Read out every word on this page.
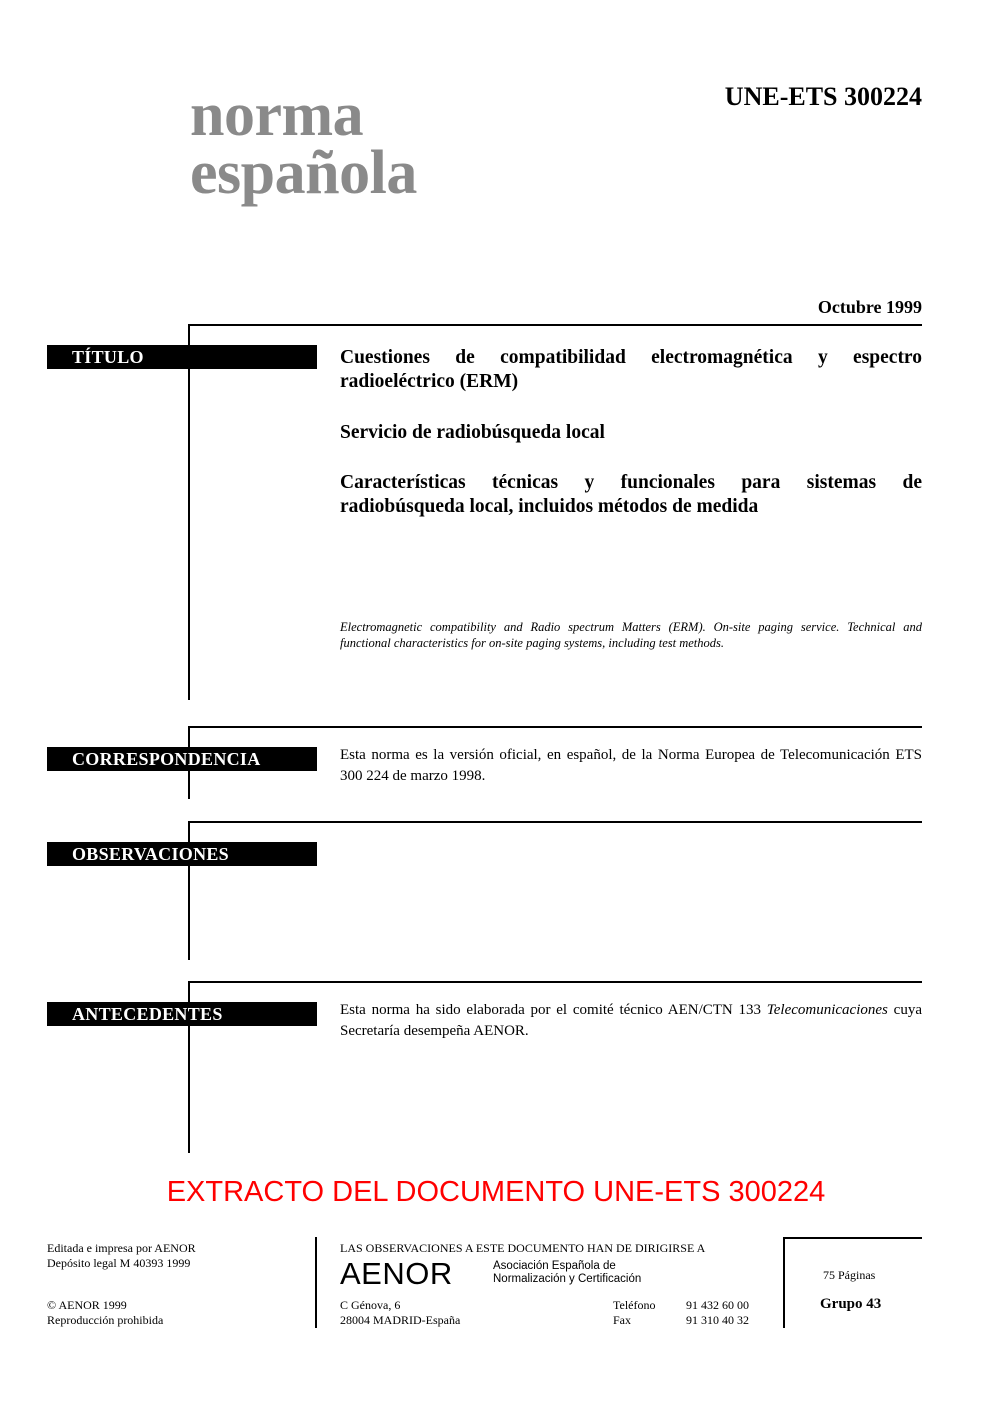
norma
española
UNE-ETS 300224
Octubre 1999
TÍTULO	Cuestiones de compatibilidad electromagnética y espectro radioeléctrico (ERM)
Servicio de radiobúsqueda local
Características técnicas y funcionales para sistemas de radiobúsqueda local, incluidos métodos de medida
Electromagnetic compatibility and Radio spectrum Matters (ERM). On-site paging service. Technical and functional characteristics for on-site paging systems, including test methods.
CORRESPONDENCIA	Esta norma es la versión oficial, en español, de la Norma Europea de Telecomunicación ETS 300 224 de marzo 1998.
OBSERVACIONES
ANTECEDENTES	Esta norma ha sido elaborada por el comité técnico AEN/CTN 133 Telecomunicaciones cuya Secretaría desempeña AENOR.
EXTRACTO DEL DOCUMENTO UNE-ETS 300224
Editada e impresa por AENOR
Depósito legal M 40393 1999
© AENOR 1999
Reproducción prohibida
LAS OBSERVACIONES A ESTE DOCUMENTO HAN DE DIRIGIRSE A
AENOR	Asociación Española de
Normalización y Certificación
C Génova, 6
28004 MADRID-España
Teléfono	91 432 60 00
Fax	91 310 40 32
75 Páginas
Grupo 43
